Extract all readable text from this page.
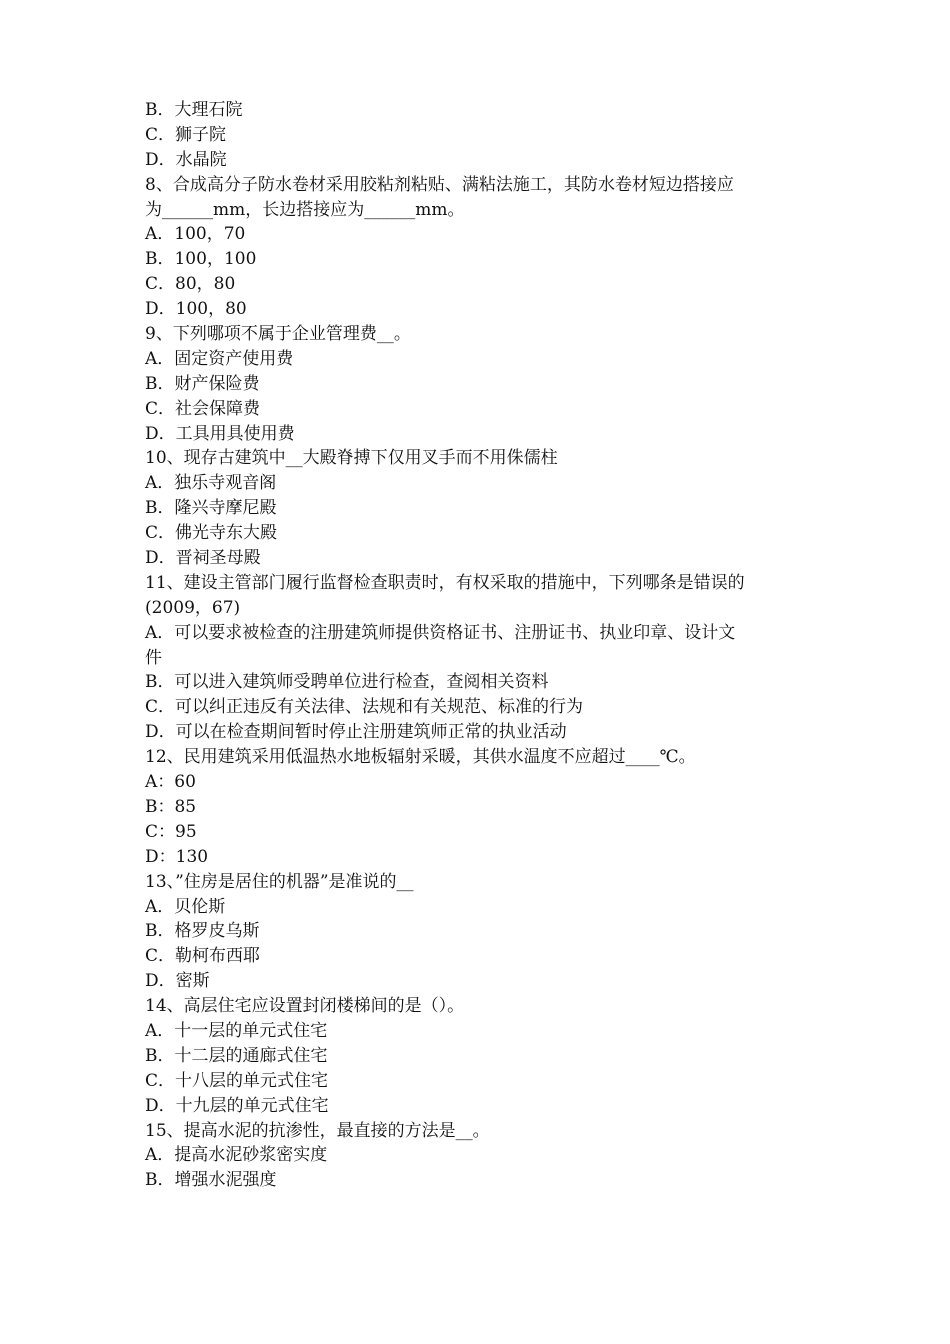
B．大理石院
C．狮子院
D．水晶院
8、合成高分子防水卷材采用胶粘剂粘贴、满粘法施工，其防水卷材短边搭接应
为______mm，长边搭接应为______mm。
A．100，70
B．100，100
C．80，80
D．100，80
9、下列哪项不属于企业管理费__。
A．固定资产使用费
B．财产保险费
C．社会保障费
D．工具用具使用费
10、现存古建筑中__大殿脊搏下仅用叉手而不用侏儒柱
A．独乐寺观音阁
B．隆兴寺摩尼殿
C．佛光寺东大殿
D．晋祠圣母殿
11、建设主管部门履行监督检查职责时，有权采取的措施中，下列哪条是错误的
(2009，67)
A．可以要求被检查的注册建筑师提供资格证书、注册证书、执业印章、设计文
件
B．可以进入建筑师受聘单位进行检查，查阅相关资料
C．可以纠正违反有关法律、法规和有关规范、标准的行为
D．可以在检查期间暂时停止注册建筑师正常的执业活动
12、民用建筑采用低温热水地板辐射采暖，其供水温度不应超过____℃。
A：60
B：85
C：95
D：130
13、”住房是居住的机器”是准说的__
A．贝伦斯
B．格罗皮乌斯
C．勒柯布西耶
D．密斯
14、高层住宅应设置封闭楼梯间的是（）。
A．十一层的单元式住宅
B．十二层的通廊式住宅
C．十八层的单元式住宅
D．十九层的单元式住宅
15、提高水泥的抗渗性，最直接的方法是__。
A．提高水泥砂浆密实度
B．增强水泥强度
